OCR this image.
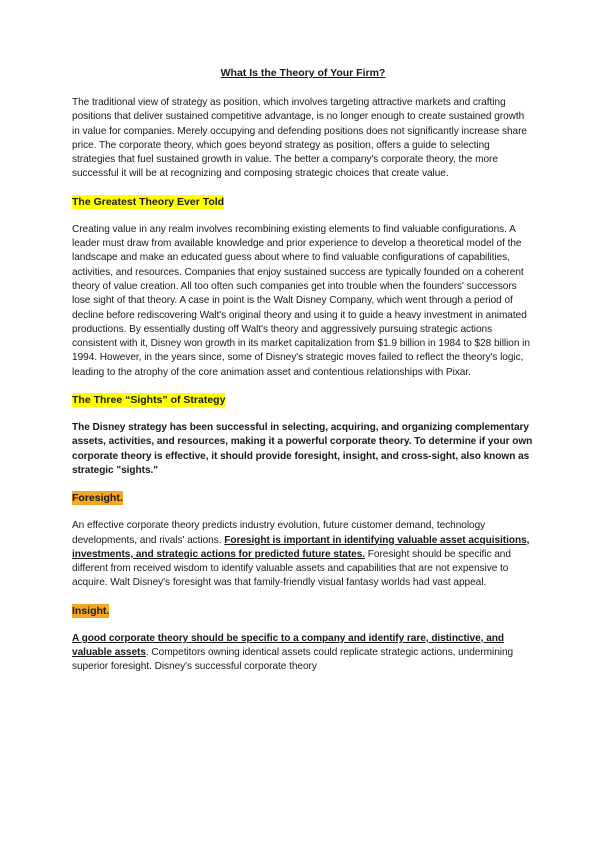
What Is the Theory of Your Firm?

The traditional view of strategy as position, which involves targeting attractive markets and crafting positions that deliver sustained competitive advantage, is no longer enough to create sustained growth in value for companies. Merely occupying and defending positions does not significantly increase share price. The corporate theory, which goes beyond strategy as position, offers a guide to selecting strategies that fuel sustained growth in value. The better a company's corporate theory, the more successful it will be at recognizing and composing strategic choices that create value.

The Greatest Theory Ever Told

Creating value in any realm involves recombining existing elements to find valuable configurations. A leader must draw from available knowledge and prior experience to develop a theoretical model of the landscape and make an educated guess about where to find valuable configurations of capabilities, activities, and resources. Companies that enjoy sustained success are typically founded on a coherent theory of value creation. All too often such companies get into trouble when the founders' successors lose sight of that theory. A case in point is the Walt Disney Company, which went through a period of decline before rediscovering Walt's original theory and using it to guide a heavy investment in animated productions. By essentially dusting off Walt's theory and aggressively pursuing strategic actions consistent with it, Disney won growth in its market capitalization from $1.9 billion in 1984 to $28 billion in 1994. However, in the years since, some of Disney's strategic moves failed to reflect the theory's logic, leading to the atrophy of the core animation asset and contentious relationships with Pixar.

The Three “Sights” of Strategy

The Disney strategy has been successful in selecting, acquiring, and organizing complementary assets, activities, and resources, making it a powerful corporate theory. To determine if your own corporate theory is effective, it should provide foresight, insight, and cross-sight, also known as strategic "sights."

Foresight.

An effective corporate theory predicts industry evolution, future customer demand, technology developments, and rivals' actions. Foresight is important in identifying valuable asset acquisitions, investments, and strategic actions for predicted future states. Foresight should be specific and different from received wisdom to identify valuable assets and capabilities that are not expensive to acquire. Walt Disney's foresight was that family-friendly visual fantasy worlds had vast appeal.

Insight.

A good corporate theory should be specific to a company and identify rare, distinctive, and valuable assets. Competitors owning identical assets could replicate strategic actions, undermining superior foresight. Disney's successful corporate theory
